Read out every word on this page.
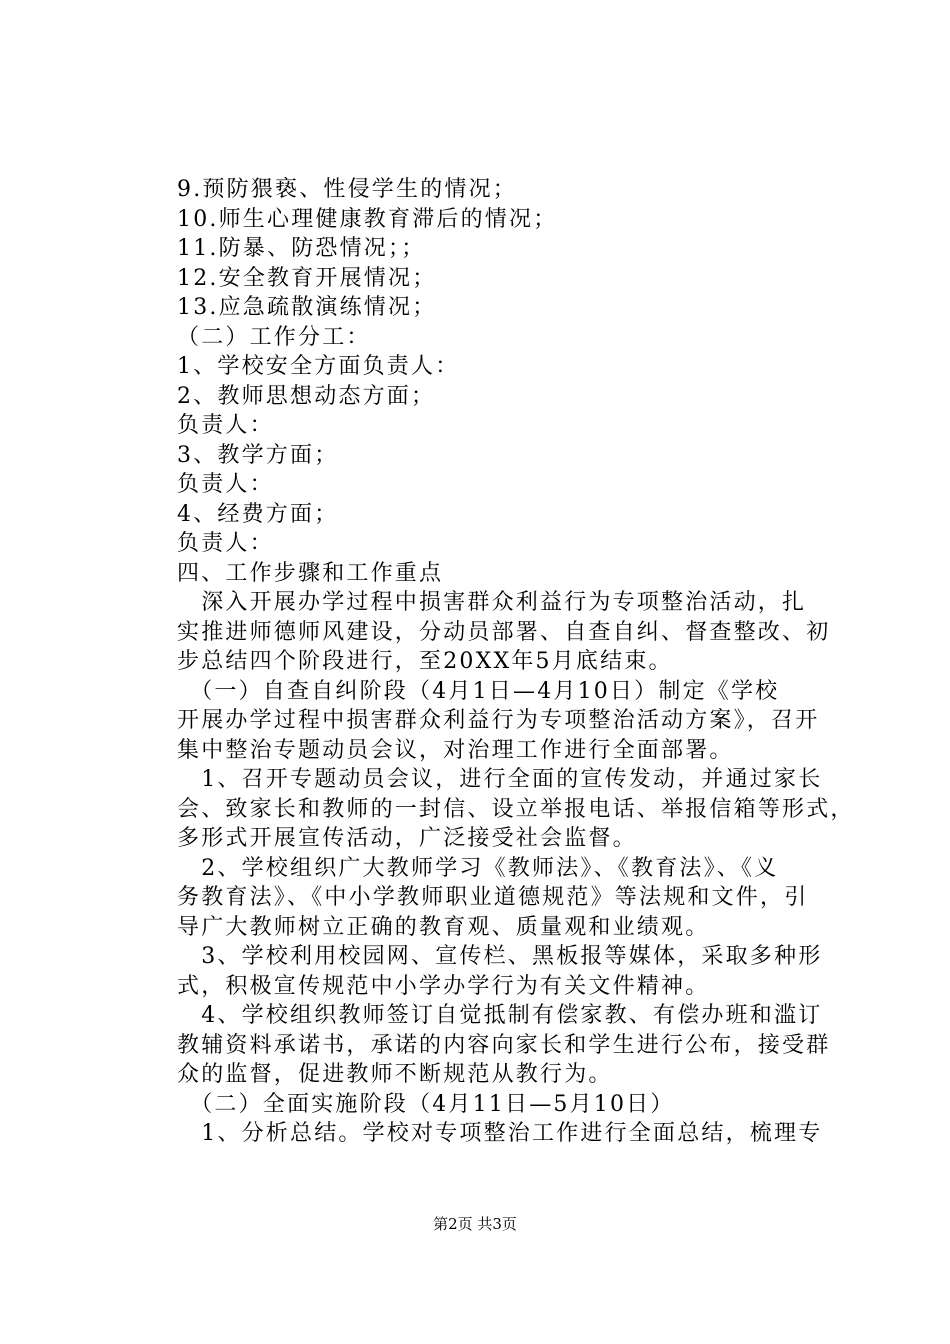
9.预防猥亵、性侵学生的情况；
10.师生心理健康教育滞后的情况；
11.防暴、防恐情况；；
12.安全教育开展情况；
13.应急疏散演练情况；
（二）工作分工：
1、学校安全方面负责人：
2、教师思想动态方面；
负责人：
3、教学方面；
负责人：
4、经费方面；
负责人：
四、工作步骤和工作重点
　深入开展办学过程中损害群众利益行为专项整治活动，扎
实推进师德师风建设，分动员部署、自查自纠、督查整改、初
步总结四个阶段进行，至20XX年5月底结束。
　（一）自查自纠阶段（4月1日—4月10日）制定《学校
开展办学过程中损害群众利益行为专项整治活动方案》，召开
集中整治专题动员会议，对治理工作进行全面部署。
　1、召开专题动员会议，进行全面的宣传发动，并通过家长
会、致家长和教师的一封信、设立举报电话、举报信箱等形式，
多形式开展宣传活动，广泛接受社会监督。
　2、学校组织广大教师学习《教师法》、《教育法》、《义
务教育法》、《中小学教师职业道德规范》等法规和文件，引
导广大教师树立正确的教育观、质量观和业绩观。
　3、学校利用校园网、宣传栏、黑板报等媒体，采取多种形
式，积极宣传规范中小学办学行为有关文件精神。
　4、学校组织教师签订自觉抵制有偿家教、有偿办班和滥订
教辅资料承诺书，承诺的内容向家长和学生进行公布，接受群
众的监督，促进教师不断规范从教行为。
　（二）全面实施阶段（4月11日—5月10日）
　1、分析总结。学校对专项整治工作进行全面总结，梳理专
第2页 共3页
